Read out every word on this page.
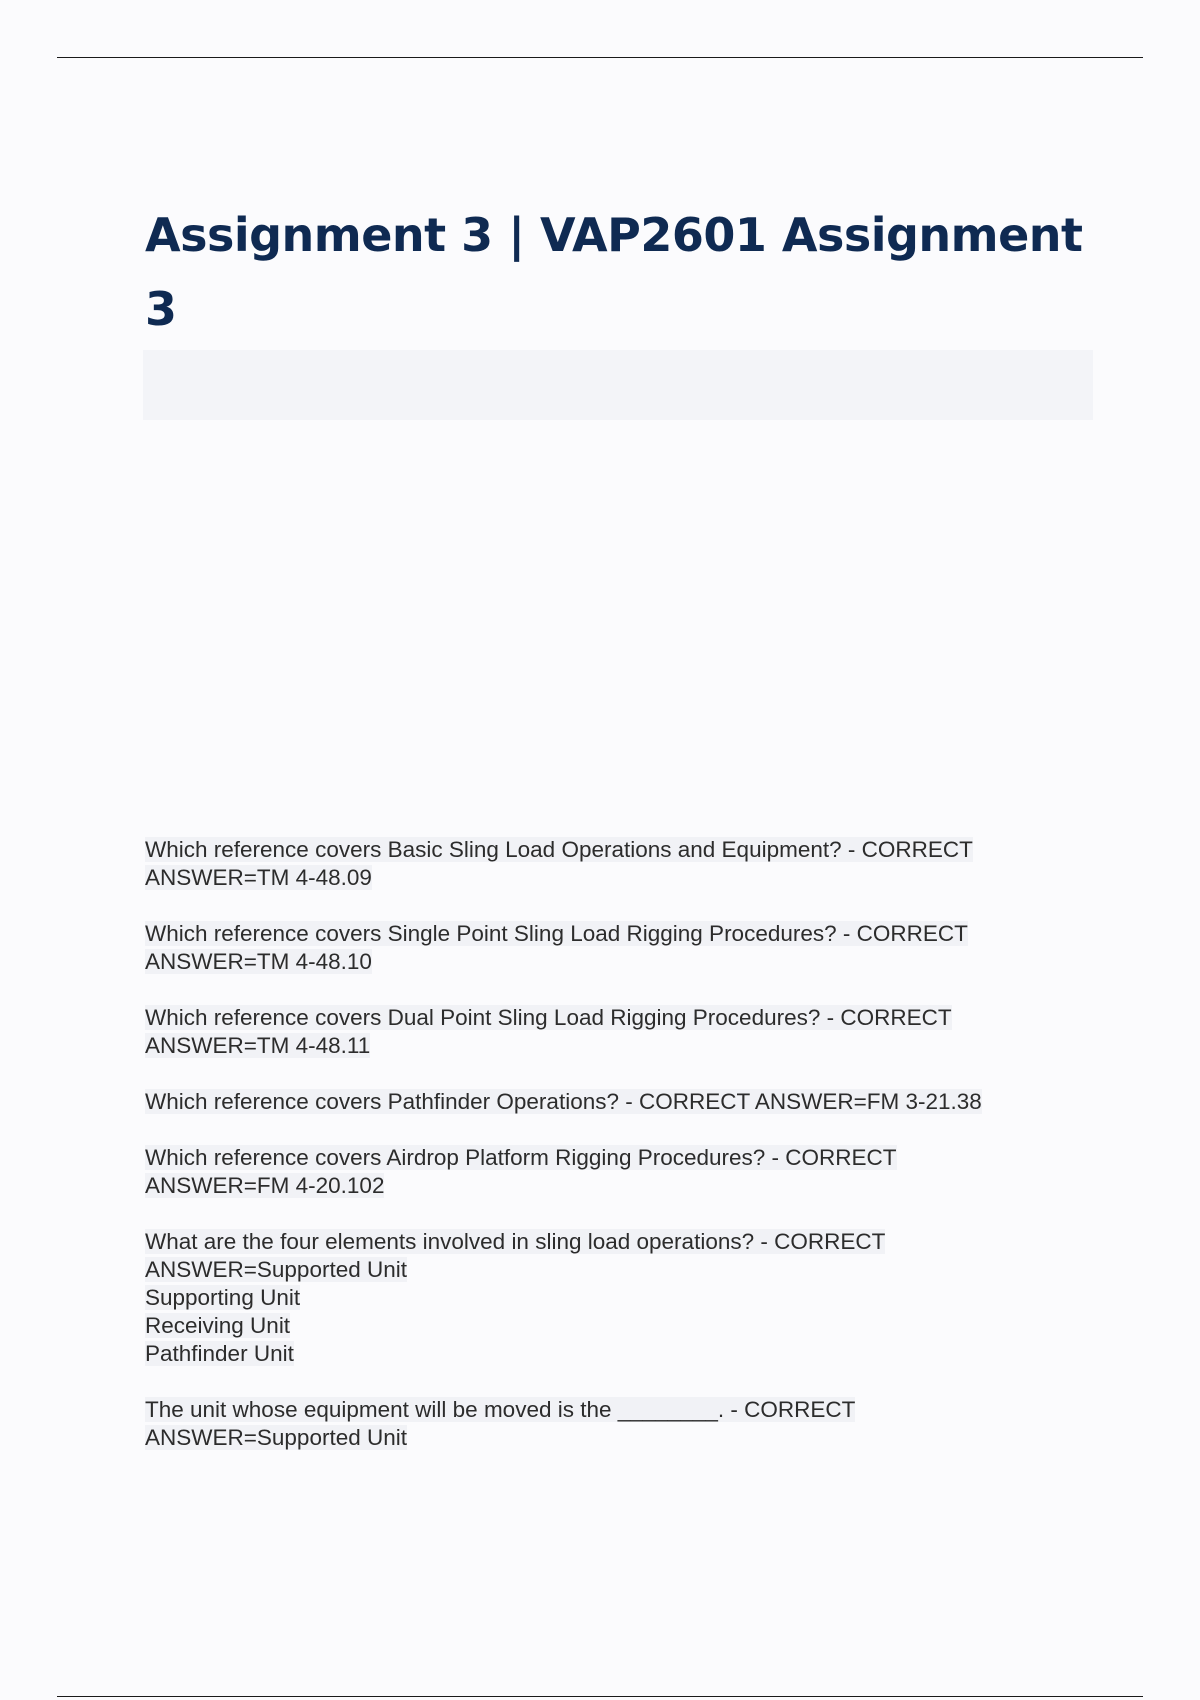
Assignment 3 | VAP2601 Assignment 3

Which reference covers Basic Sling Load Operations and Equipment? - CORRECT
ANSWER=TM 4-48.09
Which reference covers Single Point Sling Load Rigging Procedures? - CORRECT
ANSWER=TM 4-48.10
Which reference covers Dual Point Sling Load Rigging Procedures? - CORRECT
ANSWER=TM 4-48.11
Which reference covers Pathfinder Operations? - CORRECT ANSWER=FM 3-21.38
Which reference covers Airdrop Platform Rigging Procedures? - CORRECT
ANSWER=FM 4-20.102
What are the four elements involved in sling load operations? - CORRECT
ANSWER=Supported Unit
Supporting Unit
Receiving Unit
Pathfinder Unit
The unit whose equipment will be moved is the ________. - CORRECT
ANSWER=Supported Unit
